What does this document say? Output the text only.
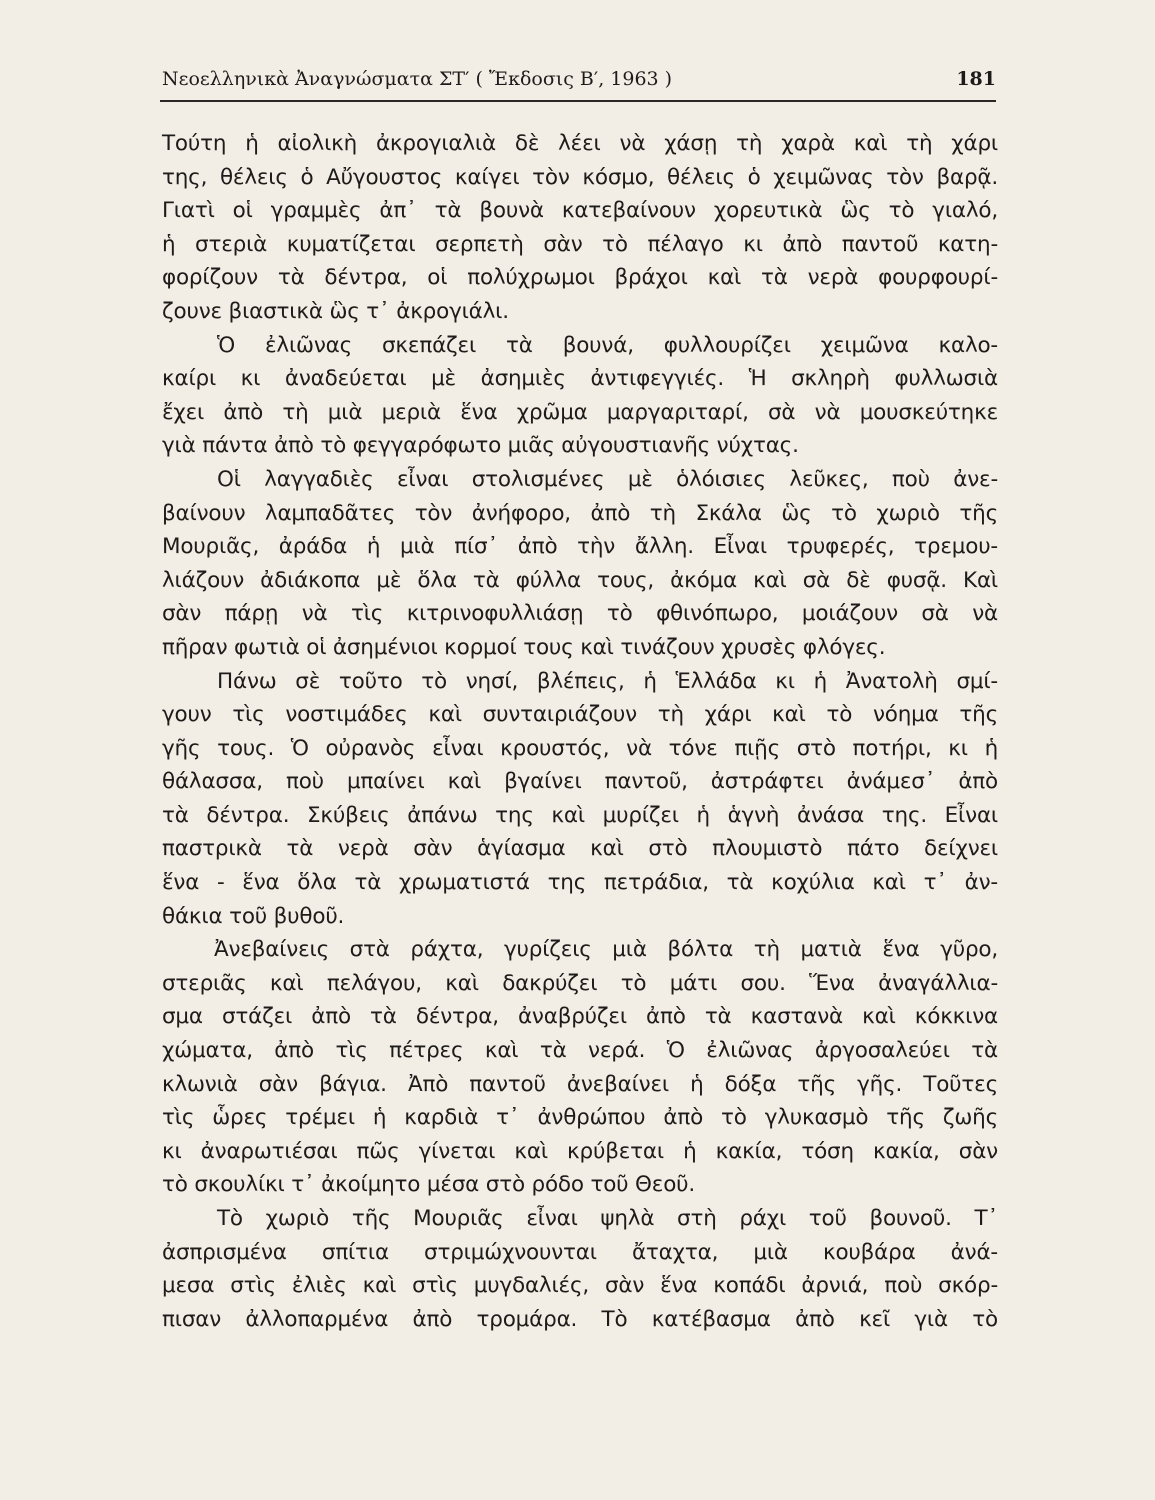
Νεοελληνικὰ Ἀναγνώσματα ΣΤ′ ( Ἔκδοσις Β′, 1963 )	181
Τούτη ἡ αἰολικὴ ἀκρογιαλιὰ δὲ λέει νὰ χάσῃ τὴ χαρὰ καὶ τὴ χάρι
της, θέλεις ὁ Αὔγουστος καίγει τὸν κόσμο, θέλεις ὁ χειμῶνας τὸν βαρᾷ.
Γιατὶ οἱ γραμμὲς ἀπ᾿ τὰ βουνὰ κατεβαίνουν χορευτικὰ ὣς τὸ γιαλό,
ἡ στεριὰ κυματίζεται σερπετὴ σὰν τὸ πέλαγο κι ἀπὸ παντοῦ κατη-
φορίζουν τὰ δέντρα, οἱ πολύχρωμοι βράχοι καὶ τὰ νερὰ φουρφουρί-
ζουνε βιαστικὰ ὣς τ᾿ ἀκρογιάλι.
Ὁ ἐλιῶνας σκεπάζει τὰ βουνά, φυλλουρίζει χειμῶνα καλο-
καίρι κι ἀναδεύεται μὲ ἀσημιὲς ἀντιφεγγιές. Ἡ σκληρὴ φυλλωσιὰ
ἔχει ἀπὸ τὴ μιὰ μεριὰ ἕνα χρῶμα μαργαριταρί, σὰ νὰ μουσκεύτηκε
γιὰ πάντα ἀπὸ τὸ φεγγαρόφωτο μιᾶς αὐγουστιανῆς νύχτας.
Οἱ λαγγαδιὲς εἶναι στολισμένες μὲ ὁλόισιες λεῦκες, ποὺ ἀνε-
βαίνουν λαμπαδᾶτες τὸν ἀνήφορο, ἀπὸ τὴ Σκάλα ὣς τὸ χωριὸ τῆς
Μουριᾶς, ἀράδα ἡ μιὰ πίσ᾿ ἀπὸ τὴν ἄλλη. Εἶναι τρυφερές, τρεμου-
λιάζουν ἀδιάκοπα μὲ ὅλα τὰ φύλλα τους, ἀκόμα καὶ σὰ δὲ φυσᾷ. Καὶ
σὰν πάρῃ νὰ τὶς κιτρινοφυλλιάσῃ τὸ φθινόπωρο, μοιάζουν σὰ νὰ
πῆραν φωτιὰ οἱ ἀσημένιοι κορμοί τους καὶ τινάζουν χρυσὲς φλόγες.
Πάνω σὲ τοῦτο τὸ νησί, βλέπεις, ἡ Ἑλλάδα κι ἡ Ἀνατολὴ σμί-
γουν τὶς νοστιμάδες καὶ συνταιριάζουν τὴ χάρι καὶ τὸ νόημα τῆς
γῆς τους. Ὁ οὐρανὸς εἶναι κρουστός, νὰ τόνε πιῇς στὸ ποτήρι, κι ἡ
θάλασσα, ποὺ μπαίνει καὶ βγαίνει παντοῦ, ἀστράφτει ἀνάμεσ᾿ ἀπὸ
τὰ δέντρα. Σκύβεις ἀπάνω της καὶ μυρίζει ἡ ἁγνὴ ἀνάσα της. Εἶναι
παστρικὰ τὰ νερὰ σὰν ἁγίασμα καὶ στὸ πλουμιστὸ πάτο δείχνει
ἕνα - ἕνα ὅλα τὰ χρωματιστά της πετράδια, τὰ κοχύλια καὶ τ᾿ ἀν-
θάκια τοῦ βυθοῦ.
Ἀνεβαίνεις στὰ ράχτα, γυρίζεις μιὰ βόλτα τὴ ματιὰ ἕνα γῦρο,
στεριᾶς καὶ πελάγου, καὶ δακρύζει τὸ μάτι σου. Ἕνα ἀναγάλλια-
σμα στάζει ἀπὸ τὰ δέντρα, ἀναβρύζει ἀπὸ τὰ καστανὰ καὶ κόκκινα
χώματα, ἀπὸ τὶς πέτρες καὶ τὰ νερά. Ὁ ἐλιῶνας ἀργοσαλεύει τὰ
κλωνιὰ σὰν βάγια. Ἀπὸ παντοῦ ἀνεβαίνει ἡ δόξα τῆς γῆς. Τοῦτες
τὶς ὧρες τρέμει ἡ καρδιὰ τ᾿ ἀνθρώπου ἀπὸ τὸ γλυκασμὸ τῆς ζωῆς
κι ἀναρωτιέσαι πῶς γίνεται καὶ κρύβεται ἡ κακία, τόση κακία, σὰν
τὸ σκουλίκι τ᾿ ἀκοίμητο μέσα στὸ ρόδο τοῦ Θεοῦ.
Τὸ χωριὸ τῆς Μουριᾶς εἶναι ψηλὰ στὴ ράχι τοῦ βουνοῦ. Τ᾿
ἀσπρισμένα σπίτια στριμώχνουνται ἄταχτα, μιὰ κουβάρα ἀνά-
μεσα στὶς ἐλιὲς καὶ στὶς μυγδαλιές, σὰν ἕνα κοπάδι ἀρνιά, ποὺ σκόρ-
πισαν ἀλλοπαρμένα ἀπὸ τρομάρα. Τὸ κατέβασμα ἀπὸ κεῖ γιὰ τὸ
